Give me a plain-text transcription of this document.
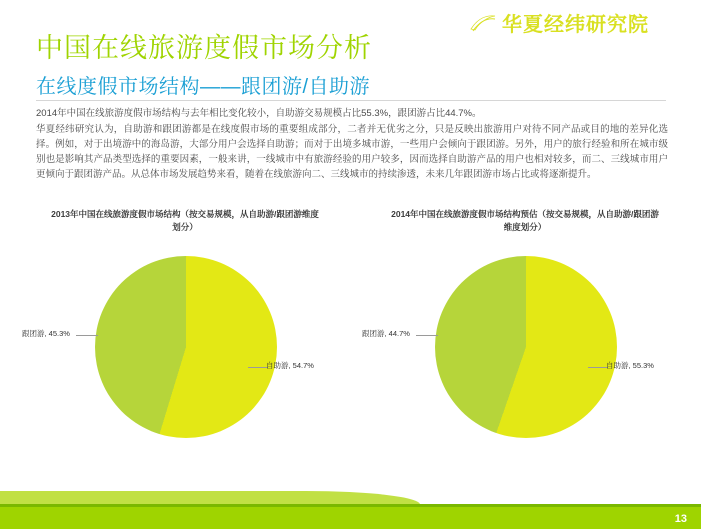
华夏经纬研究院
中国在线旅游度假市场分析
在线度假市场结构——跟团游/自助游

2014年中国在线旅游度假市场结构与去年相比变化较小，自助游交易规模占比55.3%，跟团游占比44.7%。

华夏经纬研究认为，自助游和跟团游都是在线度假市场的重要组成部分，二者并无优劣之分，只是反映出旅游用户对待不同产品或目的地的差异化选择。例如，对于出境游中的海岛游，大部分用户会选择自助游；而对于出境多城市游，一些用户会倾向于跟团游。另外，用户的旅行经验和所在城市级别也是影响其产品类型选择的重要因素，一般来讲，一线城市中有旅游经验的用户较多，因而选择自助游产品的用户也相对较多，而二、三线城市用户更倾向于跟团游产品。从总体市场发展趋势来看，随着在线旅游向二、三线城市的持续渗透，未来几年跟团游市场占比或将逐渐提升。

2013年中国在线旅游度假市场结构（按交易规模，从自助游/跟团游维度划分）
跟团游, 45.3%
自助游, 54.7%
2014年中国在线旅游度假市场结构预估（按交易规模，从自助游/跟团游维度划分）
跟团游, 44.7%
自助游, 55.3%
13
